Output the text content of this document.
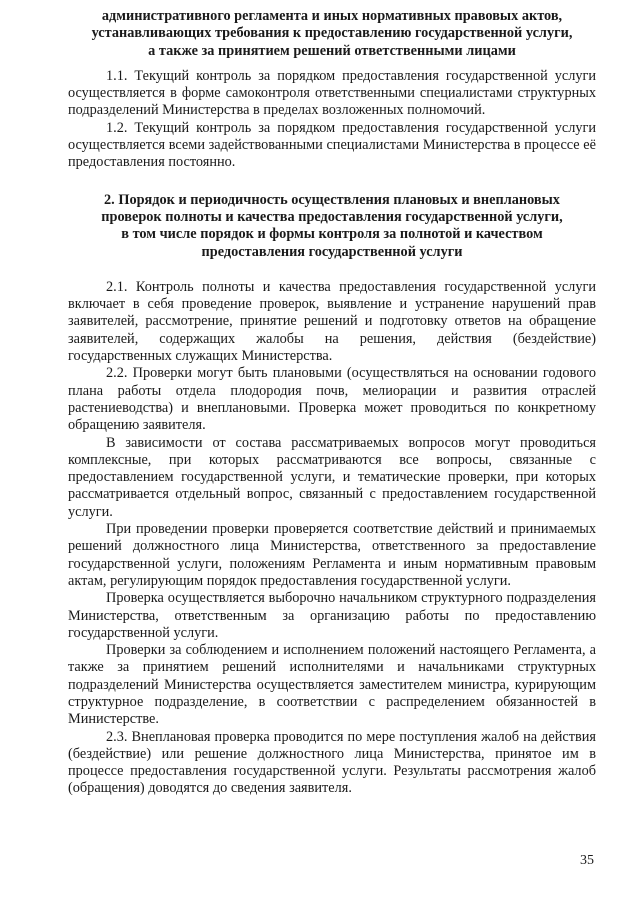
административного регламента и иных нормативных правовых актов,
устанавливающих требования к предоставлению государственной услуги,
а также за принятием решений ответственными лицами

1.1. Текущий контроль за порядком предоставления государственной услуги осуществляется в форме самоконтроля ответственными специалистами структурных подразделений Министерства в пределах возложенных полномочий.

1.2. Текущий контроль за порядком предоставления государственной услуги осуществляется всеми задействованными специалистами Министерства в процессе её предоставления постоянно.

2. Порядок и периодичность осуществления плановых и внеплановых
проверок полноты и качества предоставления государственной услуги,
в том числе порядок и формы контроля за полнотой и качеством
предоставления государственной услуги

2.1. Контроль полноты и качества предоставления государственной услуги включает в себя проведение проверок, выявление и устранение нарушений прав заявителей, рассмотрение, принятие решений и подготовку ответов на обращение заявителей, содержащих жалобы на решения, действия (бездействие) государственных служащих Министерства.

2.2. Проверки могут быть плановыми (осуществляться на основании годового плана работы отдела плодородия почв, мелиорации и развития отраслей растениеводства) и внеплановыми. Проверка может проводиться по конкретному обращению заявителя.

В зависимости от состава рассматриваемых вопросов могут проводиться комплексные, при которых рассматриваются все вопросы, связанные с предоставлением государственной услуги, и тематические проверки, при которых рассматривается отдельный вопрос, связанный с предоставлением государственной услуги.

При проведении проверки проверяется соответствие действий и принимаемых решений должностного лица Министерства, ответственного за предоставление государственной услуги, положениям Регламента и иным нормативным правовым актам, регулирующим порядок предоставления государственной услуги.

Проверка осуществляется выборочно начальником структурного подразделения Министерства, ответственным за организацию работы по предоставлению государственной услуги.

Проверки за соблюдением и исполнением положений настоящего Регламента, а также за принятием решений исполнителями и начальниками структурных подразделений Министерства осуществляется заместителем министра, курирующим структурное подразделение, в соответствии с распределением обязанностей в Министерстве.

2.3. Внеплановая проверка проводится по мере поступления жалоб на действия (бездействие) или решение должностного лица Министерства, принятое им в процессе предоставления государственной услуги. Результаты рассмотрения жалоб (обращения) доводятся до сведения заявителя.

35
